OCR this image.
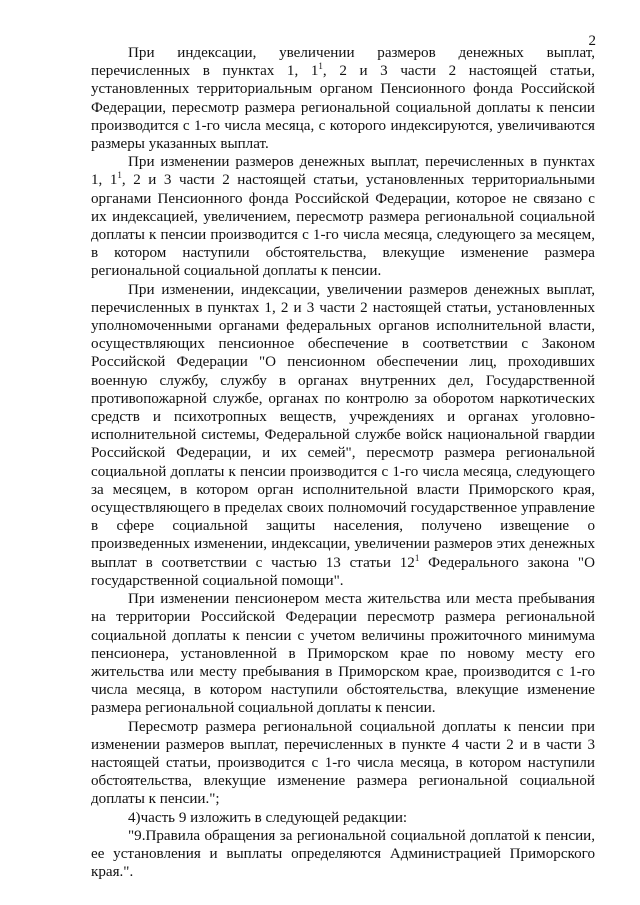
2

При индексации, увеличении размеров денежных выплат, перечисленных в пунктах 1, $1^1$, 2 и 3 части 2 настоящей статьи, установленных территориальным органом Пенсионного фонда Российской Федерации, пересмотр размера региональной социальной доплаты к пенсии производится с 1-го числа месяца, с которого индексируются, увеличиваются размеры указанных выплат.

При изменении размеров денежных выплат, перечисленных в пунктах 1, $1^1$, 2 и 3 части 2 настоящей статьи, установленных территориальными органами Пенсионного фонда Российской Федерации, которое не связано с их индексацией, увеличением, пересмотр размера региональной социальной доплаты к пенсии производится с 1-го числа месяца, следующего за месяцем, в котором наступили обстоятельства, влекущие изменение размера региональной социальной доплаты к пенсии.

При изменении, индексации, увеличении размеров денежных выплат, перечисленных в пунктах 1, 2 и 3 части 2 настоящей статьи, установленных уполномоченными органами федеральных органов исполнительной власти, осуществляющих пенсионное обеспечение в соответствии с Законом Российской Федерации "О пенсионном обеспечении лиц, проходивших военную службу, службу в органах внутренних дел, Государственной противопожарной службе, органах по контролю за оборотом наркотических средств и психотропных веществ, учреждениях и органах уголовно-исполнительной системы, Федеральной службе войск национальной гвардии Российской Федерации, и их семей", пересмотр размера региональной социальной доплаты к пенсии производится с 1-го числа месяца, следующего за месяцем, в котором орган исполнительной власти Приморского края, осуществляющего в пределах своих полномочий государственное управление в сфере социальной защиты населения, получено извещение о произведенных изменении, индексации, увеличении размеров этих денежных выплат в соответствии с частью 13 статьи $12^1$ Федерального закона "О государственной социальной помощи".

При изменении пенсионером места жительства или места пребывания на территории Российской Федерации пересмотр размера региональной социальной доплаты к пенсии с учетом величины прожиточного минимума пенсионера, установленной в Приморском крае по новому месту его жительства или месту пребывания в Приморском крае, производится с 1-го числа месяца, в котором наступили обстоятельства, влекущие изменение размера региональной социальной доплаты к пенсии.

Пересмотр размера региональной социальной доплаты к пенсии при изменении размеров выплат, перечисленных в пункте 4 части 2 и в части 3 настоящей статьи, производится с 1-го числа месяца, в котором наступили обстоятельства, влекущие изменение размера региональной социальной доплаты к пенсии.";

4)часть 9 изложить в следующей редакции:

"9.Правила обращения за региональной социальной доплатой к пенсии, ее установления и выплаты определяются Администрацией Приморского края.".
